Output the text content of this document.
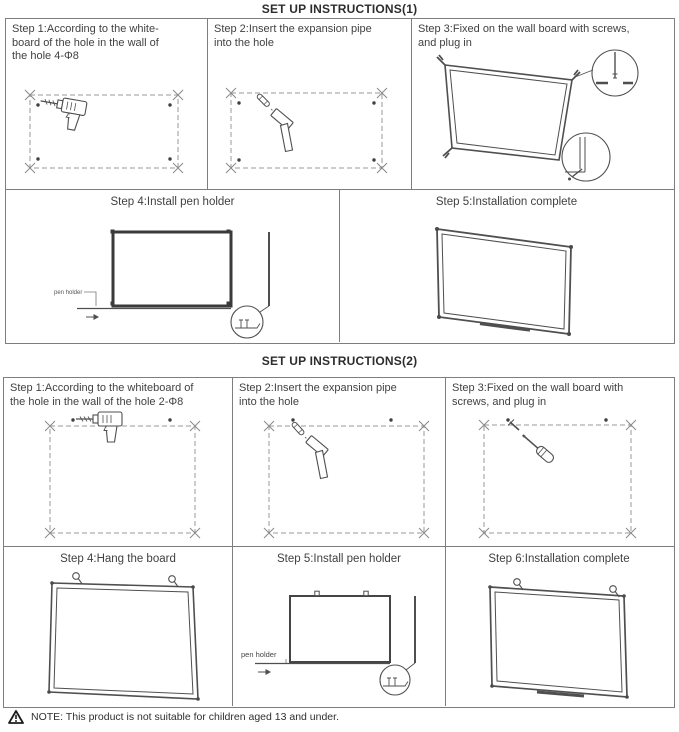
SET UP INSTRUCTIONS(1)
Step 1:According to the white-
board of the hole in the wall of
the hole 4-Φ8
Step 2:Insert the expansion pipe
into the hole
Step 3:Fixed on the wall board with screws,
and plug in
Step 4:Install pen holder
pen holder
Step 5:Installation complete
SET UP INSTRUCTIONS(2)
Step 1:According to the whiteboard of
the hole in the wall of the hole 2-Φ8
Step 2:Insert the expansion pipe
into the hole
Step 3:Fixed on the wall board with
screws, and plug in
Step 4:Hang the board	Step 5:Install pen holder
pen holder
Step 6:Installation complete
NOTE: This product is not suitable for children aged 13 and under.
